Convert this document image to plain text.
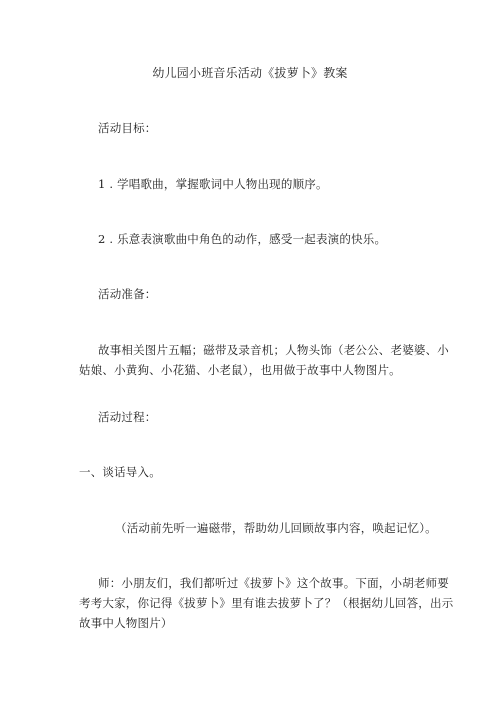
幼儿园小班音乐活动《拔萝卜》教案
活动目标：
1 . 学唱歌曲，掌握歌词中人物出现的顺序。
2 . 乐意表演歌曲中角色的动作，感受一起表演的快乐。
活动准备：
故事相关图片五幅；磁带及录音机；人物头饰（老公公、老婆婆、小
姑娘、小黄狗、小花猫、小老鼠），也用做于故事中人物图片。
活动过程：
一、谈话导入。
（活动前先听一遍磁带，帮助幼儿回顾故事内容，唤起记忆）。
师：小朋友们，我们都听过《拔萝卜》这个故事。下面，小胡老师要
考考大家，你记得《拔萝卜》里有谁去拔萝卜了？（根据幼儿回答，出示
故事中人物图片）
